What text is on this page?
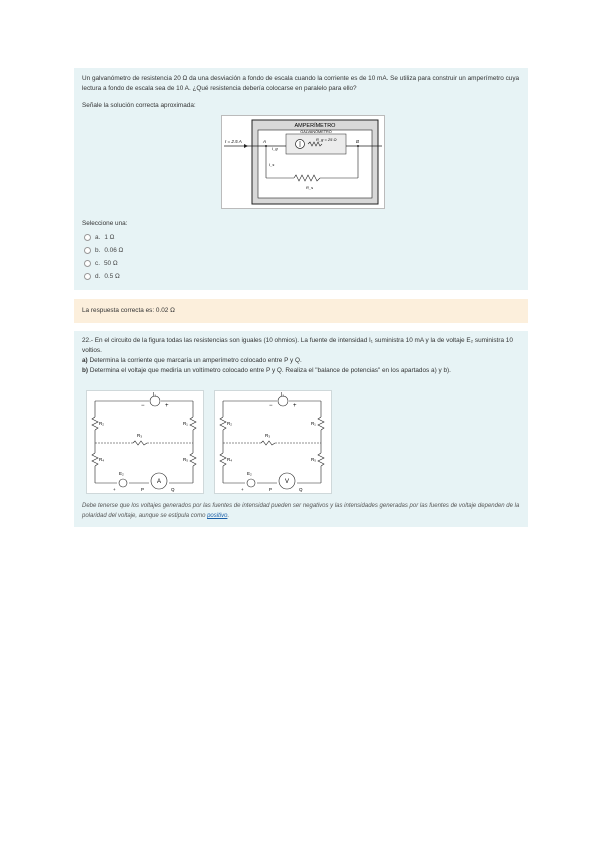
Un galvanómetro de resistencia 20 Ω da una desviación a fondo de escala cuando la corriente es de 10 mA. Se utiliza para construir un amperímetro cuya lectura a fondo de escala sea de 10 A. ¿Qué resistencia debería colocarse en paralelo para ello?
Señale la solución correcta aproximada:
AMPERÍMETRO
GALVANÓMETRO
I = 2.5 A	A	B
I_g
R_g = 25 Ω
I_s
R_s
Seleccione una:
a. 1 Ω
b. 0.06 Ω
c. 50 Ω
d. 0.5 Ω
La respuesta correcta es: 0.02 Ω
22.- En el circuito de la figura todas las resistencias son iguales (10 ohmios). La fuente de intensidad I₁ suministra 10 mA y la de voltaje E₂ suministra 10 voltios.
a) Determina la corriente que marcaría un amperímetro colocado entre P y Q.
b) Determina el voltaje que mediría un voltímetro colocado entre P y Q. Realiza el "balance de potencias" en los apartados a) y b).
I₁
−	+
R₂	R₁
R₃
R₄	R₅
E₂
A
+	P	Q
I₁
−	+
R₂	R₁
R₃
R₄	R₅
E₂
V
+	P	Q
Debe tenerse que los voltajes generados por las fuentes de intensidad pueden ser negativos y las intensidades generadas por las fuentes de voltaje dependen de la polaridad del voltaje, aunque se estipula como positivo.
